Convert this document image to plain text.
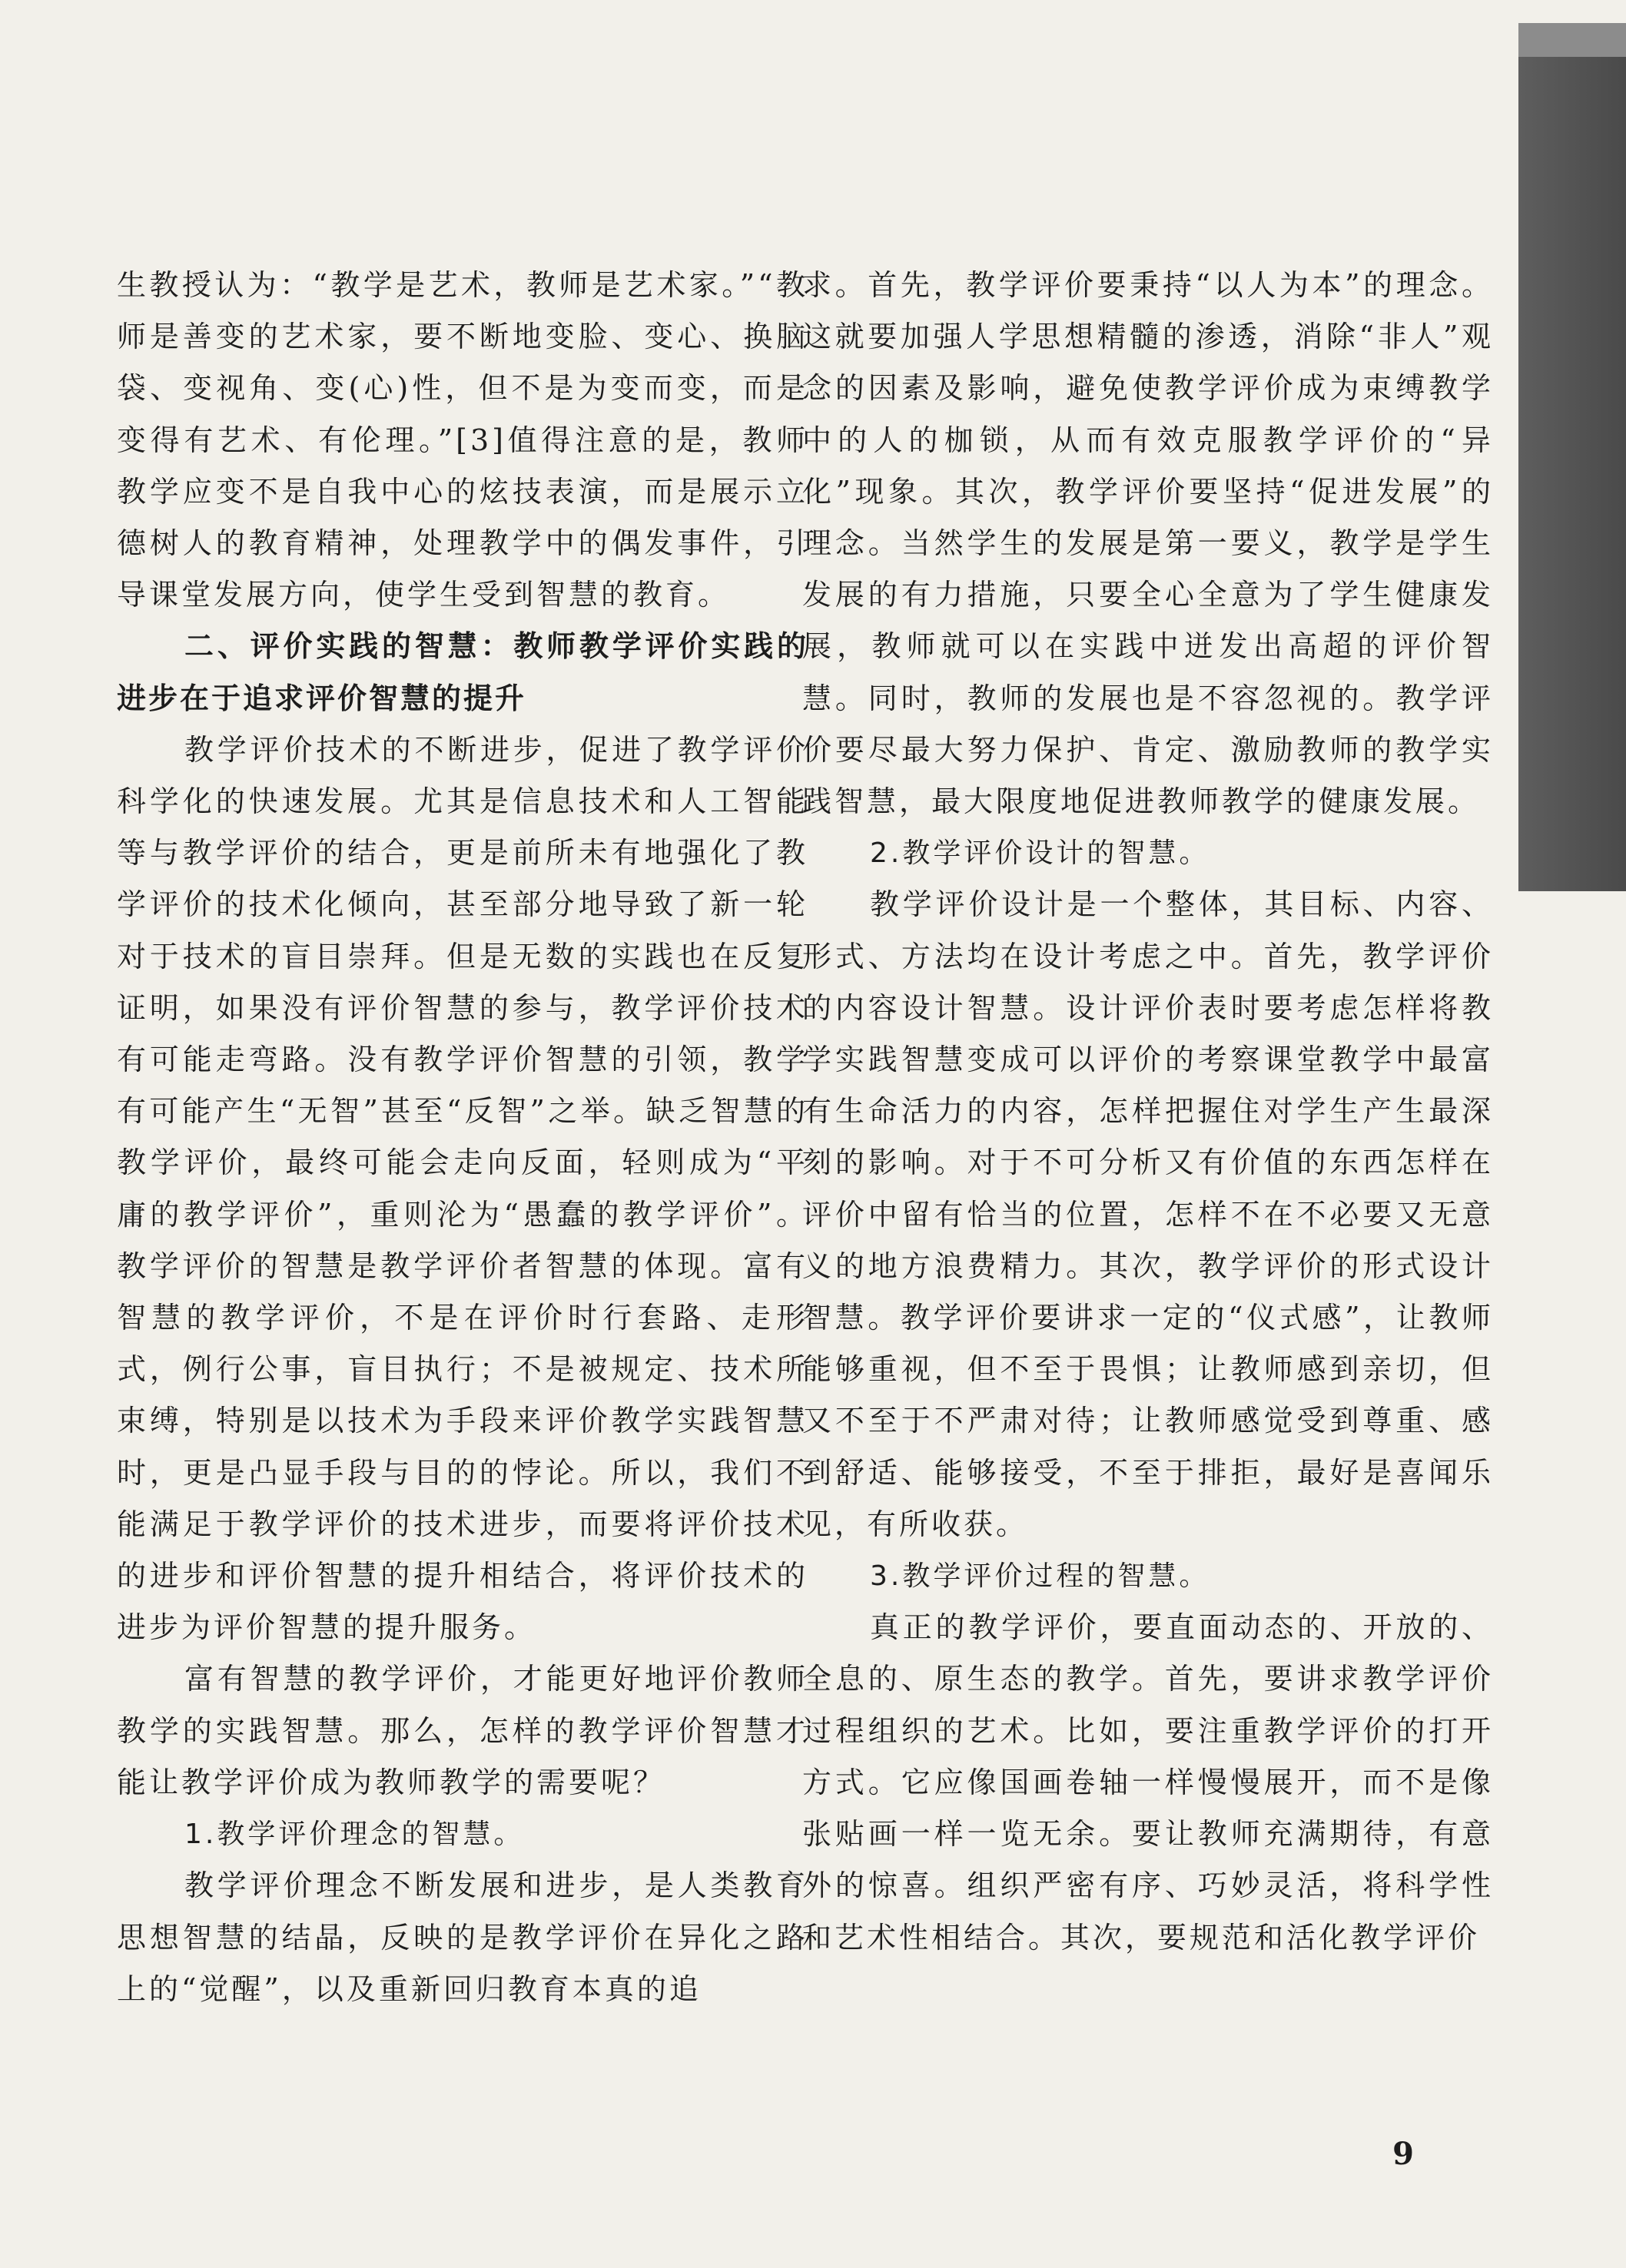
生教授认为：“教学是艺术，教师是艺术家。”“教师是善变的艺术家，要不断地变脸、变心、换脑袋、变视角、变(心)性，但不是为变而变，而是变得有艺术、有伦理。”[3]值得注意的是，教师教学应变不是自我中心的炫技表演，而是展示立德树人的教育精神，处理教学中的偶发事件，引导课堂发展方向，使学生受到智慧的教育。

二、评价实践的智慧：教师教学评价实践的进步在于追求评价智慧的提升

教学评价技术的不断进步，促进了教学评价科学化的快速发展。尤其是信息技术和人工智能等与教学评价的结合，更是前所未有地强化了教学评价的技术化倾向，甚至部分地导致了新一轮对于技术的盲目崇拜。但是无数的实践也在反复证明，如果没有评价智慧的参与，教学评价技术有可能走弯路。没有教学评价智慧的引领，教学有可能产生“无智”甚至“反智”之举。缺乏智慧的教学评价，最终可能会走向反面，轻则成为“平庸的教学评价”，重则沦为“愚蠢的教学评价”。教学评价的智慧是教学评价者智慧的体现。富有智慧的教学评价，不是在评价时行套路、走形式，例行公事，盲目执行；不是被规定、技术所束缚，特别是以技术为手段来评价教学实践智慧时，更是凸显手段与目的的悖论。所以，我们不能满足于教学评价的技术进步，而要将评价技术的进步和评价智慧的提升相结合，将评价技术的进步为评价智慧的提升服务。

富有智慧的教学评价，才能更好地评价教师教学的实践智慧。那么，怎样的教学评价智慧才能让教学评价成为教师教学的需要呢？

1.教学评价理念的智慧。

教学评价理念不断发展和进步，是人类教育思想智慧的结晶，反映的是教学评价在异化之路上的“觉醒”，以及重新回归教育本真的追

求。首先，教学评价要秉持“以人为本”的理念。这就要加强人学思想精髓的渗透，消除“非人”观念的因素及影响，避免使教学评价成为束缚教学中的人的枷锁，从而有效克服教学评价的“异化”现象。其次，教学评价要坚持“促进发展”的理念。当然学生的发展是第一要义，教学是学生发展的有力措施，只要全心全意为了学生健康发展，教师就可以在实践中迸发出高超的评价智慧。同时，教师的发展也是不容忽视的。教学评价要尽最大努力保护、肯定、激励教师的教学实践智慧，最大限度地促进教师教学的健康发展。

2.教学评价设计的智慧。

教学评价设计是一个整体，其目标、内容、形式、方法均在设计考虑之中。首先，教学评价的内容设计智慧。设计评价表时要考虑怎样将教学实践智慧变成可以评价的考察课堂教学中最富有生命活力的内容，怎样把握住对学生产生最深刻的影响。对于不可分析又有价值的东西怎样在评价中留有恰当的位置，怎样不在不必要又无意义的地方浪费精力。其次，教学评价的形式设计智慧。教学评价要讲求一定的“仪式感”，让教师能够重视，但不至于畏惧；让教师感到亲切，但又不至于不严肃对待；让教师感觉受到尊重、感到舒适、能够接受，不至于排拒，最好是喜闻乐见，有所收获。

3.教学评价过程的智慧。

真正的教学评价，要直面动态的、开放的、全息的、原生态的教学。首先，要讲求教学评价过程组织的艺术。比如，要注重教学评价的打开方式。它应像国画卷轴一样慢慢展开，而不是像张贴画一样一览无余。要让教师充满期待，有意外的惊喜。组织严密有序、巧妙灵活，将科学性和艺术性相结合。其次，要规范和活化教学评价

9
